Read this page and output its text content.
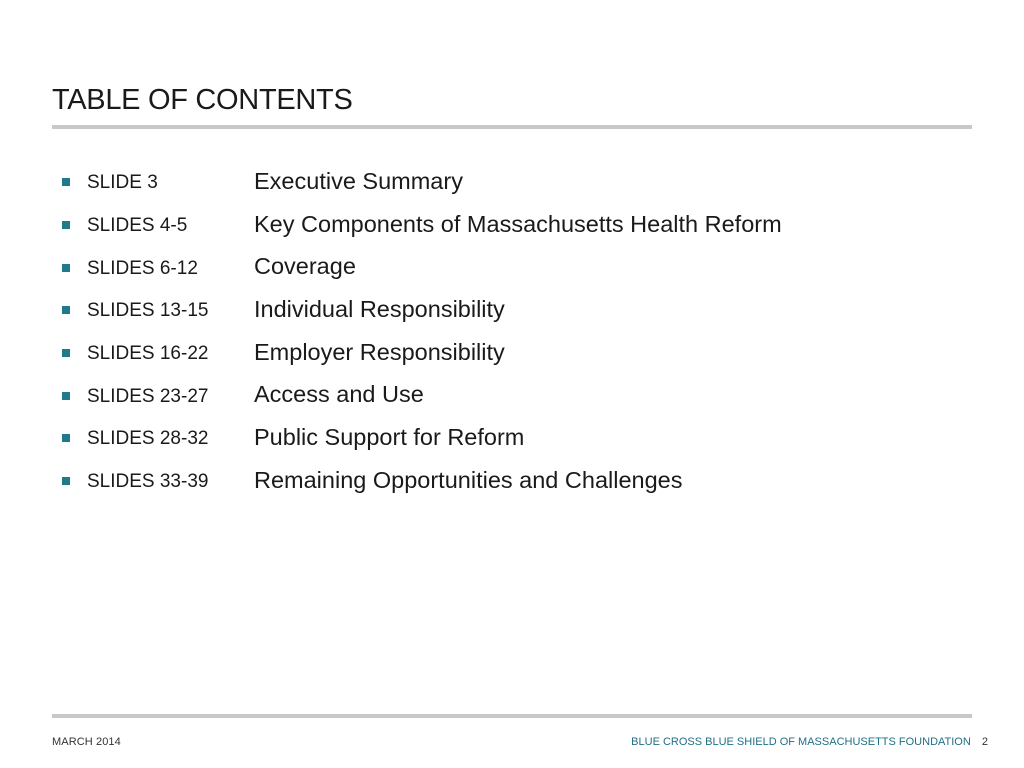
TABLE OF CONTENTS
SLIDE 3	Executive Summary
SLIDES 4-5	Key Components of Massachusetts Health Reform
SLIDES 6-12	Coverage
SLIDES 13-15	Individual Responsibility
SLIDES 16-22	Employer Responsibility
SLIDES 23-27	Access and Use
SLIDES 28-32	Public Support for Reform
SLIDES 33-39	Remaining Opportunities and Challenges
MARCH 2014	BLUE CROSS BLUE SHIELD OF MASSACHUSETTS FOUNDATION 2
